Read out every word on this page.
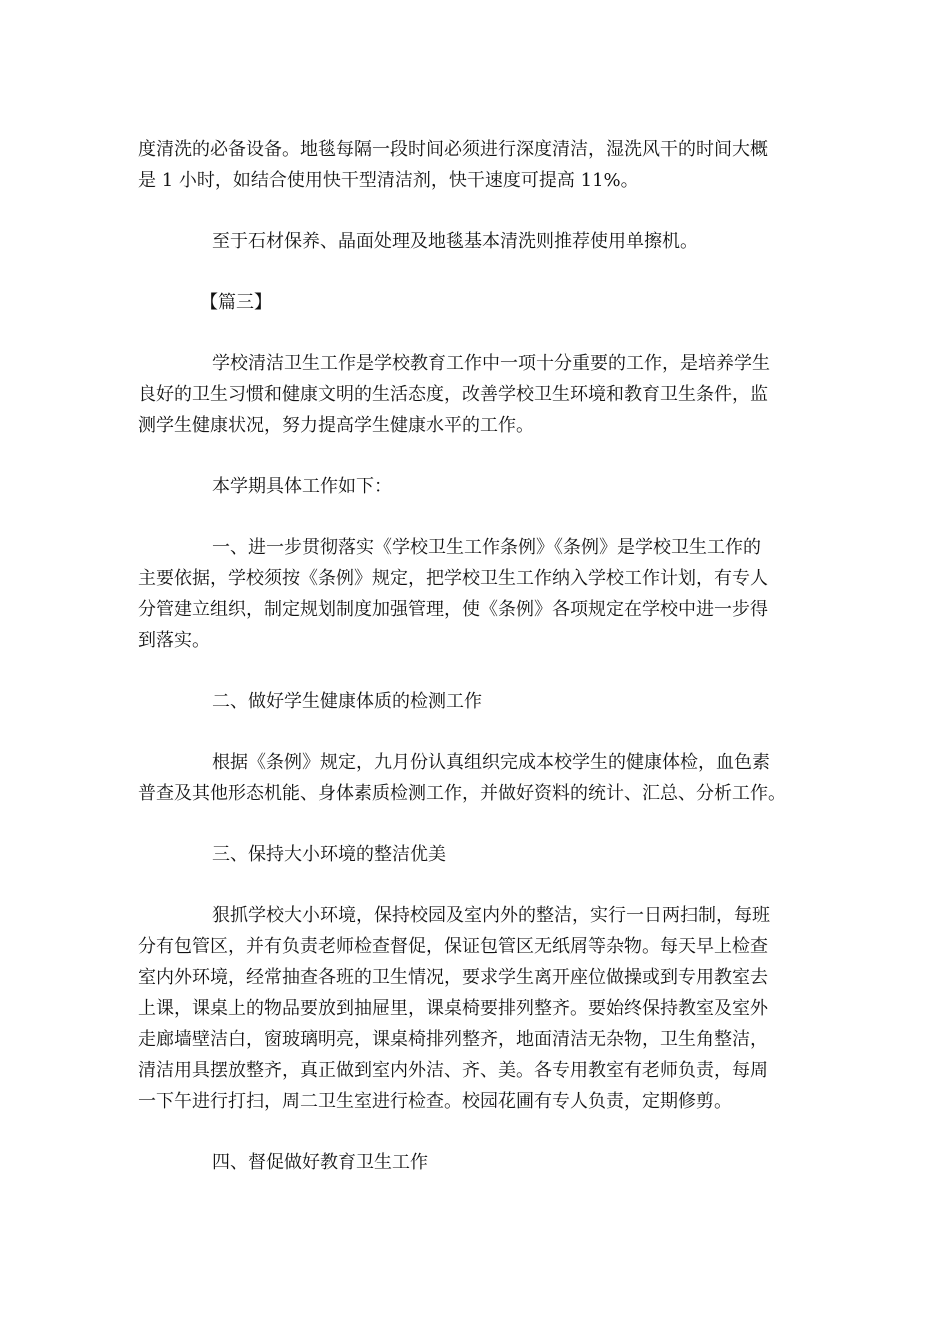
度清洗的必备设备。地毯每隔一段时间必须进行深度清洁，湿洗风干的时间大概
是 1 小时，如结合使用快干型清洁剂，快干速度可提高 11%。
至于石材保养、晶面处理及地毯基本清洗则推荐使用单擦机。
【篇三】
学校清洁卫生工作是学校教育工作中一项十分重要的工作，是培养学生
良好的卫生习惯和健康文明的生活态度，改善学校卫生环境和教育卫生条件，监
测学生健康状况，努力提高学生健康水平的工作。
本学期具体工作如下：
一、进一步贯彻落实《学校卫生工作条例》《条例》是学校卫生工作的
主要依据，学校须按《条例》规定，把学校卫生工作纳入学校工作计划，有专人
分管建立组织，制定规划制度加强管理，使《条例》各项规定在学校中进一步得
到落实。
二、做好学生健康体质的检测工作
根据《条例》规定，九月份认真组织完成本校学生的健康体检，血色素
普查及其他形态机能、身体素质检测工作，并做好资料的统计、汇总、分析工作。
三、保持大小环境的整洁优美
狠抓学校大小环境，保持校园及室内外的整洁，实行一日两扫制，每班
分有包管区，并有负责老师检查督促，保证包管区无纸屑等杂物。每天早上检查
室内外环境，经常抽查各班的卫生情况，要求学生离开座位做操或到专用教室去
上课，课桌上的物品要放到抽屉里，课桌椅要排列整齐。要始终保持教室及室外
走廊墙壁洁白，窗玻璃明亮，课桌椅排列整齐，地面清洁无杂物，卫生角整洁，
清洁用具摆放整齐，真正做到室内外洁、齐、美。各专用教室有老师负责，每周
一下午进行打扫，周二卫生室进行检查。校园花圃有专人负责，定期修剪。
四、督促做好教育卫生工作
